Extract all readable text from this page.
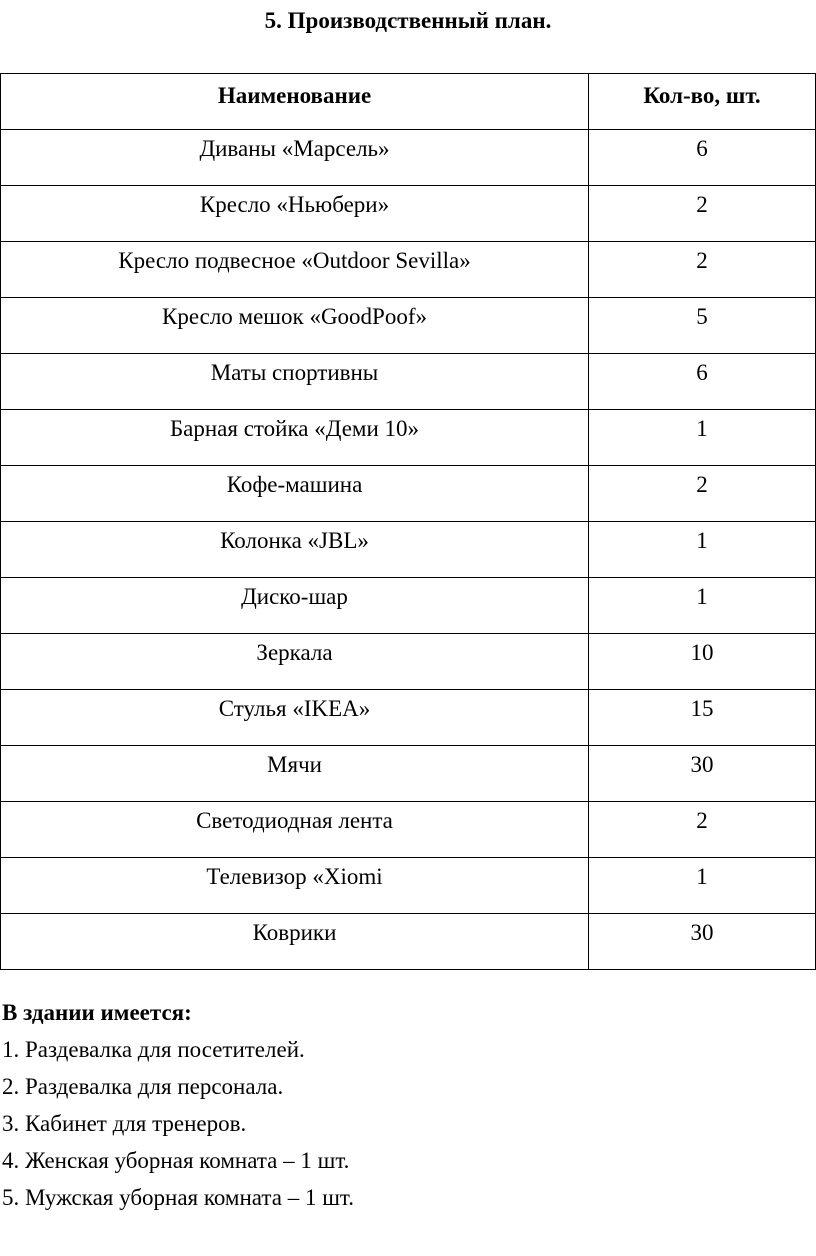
5. Производственный план.
Наименование	Кол-во, шт.
Диваны «Марсель»	6
Кресло «Ньюбери»	2
Кресло подвесное «Outdoor Sevilla»	2
Кресло мешок «GoodPoof»	5
Маты спортивны	6
Барная стойка «Деми 10»	1
Кофе-машина	2
Колонка «JBL»	1
Диско-шар	1
Зеркала	10
Стулья «IKEA»	15
Мячи	30
Светодиодная лента	2
Телевизор «Xiomi	1
Коврики	30

В здании имеется:

1. Раздевалка для посетителей.

2. Раздевалка для персонала.

3. Кабинет для тренеров.

4. Женская уборная комната – 1 шт.

5. Мужская уборная комната – 1 шт.
